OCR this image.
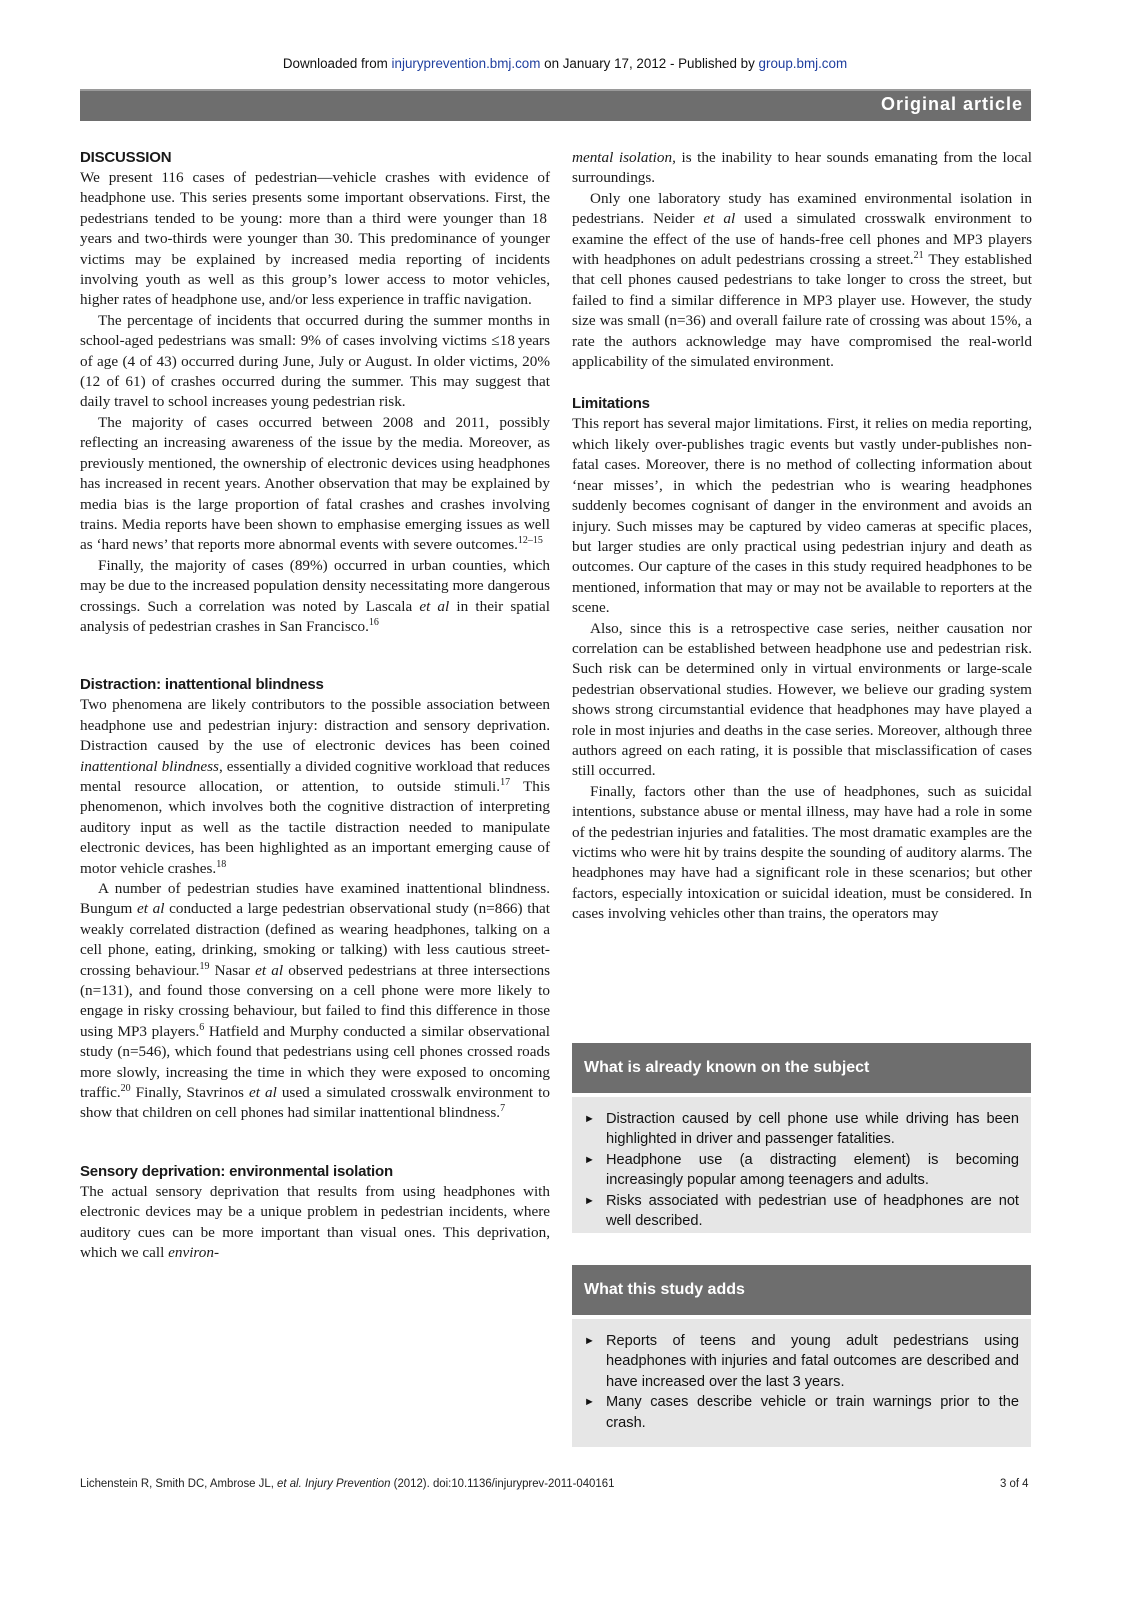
Downloaded from injuryprevention.bmj.com on January 17, 2012 - Published by group.bmj.com
Original article
DISCUSSION

We present 116 cases of pedestrian—vehicle crashes with evidence of headphone use. This series presents some important observations. First, the pedestrians tended to be young: more than a third were younger than 18 years and two-thirds were younger than 30. This predominance of younger victims may be explained by increased media reporting of incidents involving youth as well as this group’s lower access to motor vehicles, higher rates of headphone use, and/or less experience in traffic navigation.

The percentage of incidents that occurred during the summer months in school-aged pedestrians was small: 9% of cases involving victims ≤18 years of age (4 of 43) occurred during June, July or August. In older victims, 20% (12 of 61) of crashes occurred during the summer. This may suggest that daily travel to school increases young pedestrian risk.

The majority of cases occurred between 2008 and 2011, possibly reflecting an increasing awareness of the issue by the media. Moreover, as previously mentioned, the ownership of electronic devices using headphones has increased in recent years. Another observation that may be explained by media bias is the large proportion of fatal crashes and crashes involving trains. Media reports have been shown to emphasise emerging issues as well as ‘hard news’ that reports more abnormal events with severe outcomes.$^{12-15}$

Finally, the majority of cases (89%) occurred in urban counties, which may be due to the increased population density necessitating more dangerous crossings. Such a correlation was noted by Lascala et al in their spatial analysis of pedestrian crashes in San Francisco.$^{16}$

Distraction: inattentional blindness

Two phenomena are likely contributors to the possible association between headphone use and pedestrian injury: distraction and sensory deprivation. Distraction caused by the use of electronic devices has been coined inattentional blindness, essentially a divided cognitive workload that reduces mental resource allocation, or attention, to outside stimuli.$^{17}$ This phenomenon, which involves both the cognitive distraction of interpreting auditory input as well as the tactile distraction needed to manipulate electronic devices, has been highlighted as an important emerging cause of motor vehicle crashes.$^{18}$

A number of pedestrian studies have examined inattentional blindness. Bungum et al conducted a large pedestrian observational study (n=866) that weakly correlated distraction (defined as wearing headphones, talking on a cell phone, eating, drinking, smoking or talking) with less cautious street-crossing behaviour.$^{19}$ Nasar et al observed pedestrians at three intersections (n=131), and found those conversing on a cell phone were more likely to engage in risky crossing behaviour, but failed to find this difference in those using MP3 players.$^6$ Hatfield and Murphy conducted a similar observational study (n=546), which found that pedestrians using cell phones crossed roads more slowly, increasing the time in which they were exposed to oncoming traffic.$^{20}$ Finally, Stavrinos et al used a simulated crosswalk environment to show that children on cell phones had similar inattentional blindness.$^7$

Sensory deprivation: environmental isolation

The actual sensory deprivation that results from using headphones with electronic devices may be a unique problem in pedestrian incidents, where auditory cues can be more important than visual ones. This deprivation, which we call environ-

mental isolation, is the inability to hear sounds emanating from the local surroundings.

Only one laboratory study has examined environmental isolation in pedestrians. Neider et al used a simulated crosswalk environment to examine the effect of the use of hands-free cell phones and MP3 players with headphones on adult pedestrians crossing a street.$^{21}$ They established that cell phones caused pedestrians to take longer to cross the street, but failed to find a similar difference in MP3 player use. However, the study size was small (n=36) and overall failure rate of crossing was about 15%, a rate the authors acknowledge may have compromised the real-world applicability of the simulated environment.

Limitations

This report has several major limitations. First, it relies on media reporting, which likely over-publishes tragic events but vastly under-publishes non-fatal cases. Moreover, there is no method of collecting information about ‘near misses’, in which the pedestrian who is wearing headphones suddenly becomes cognisant of danger in the environment and avoids an injury. Such misses may be captured by video cameras at specific places, but larger studies are only practical using pedestrian injury and death as outcomes. Our capture of the cases in this study required headphones to be mentioned, information that may or may not be available to reporters at the scene.

Also, since this is a retrospective case series, neither causation nor correlation can be established between headphone use and pedestrian risk. Such risk can be determined only in virtual environments or large-scale pedestrian observational studies. However, we believe our grading system shows strong circumstantial evidence that headphones may have played a role in most injuries and deaths in the case series. Moreover, although three authors agreed on each rating, it is possible that misclassification of cases still occurred.

Finally, factors other than the use of headphones, such as suicidal intentions, substance abuse or mental illness, may have had a role in some of the pedestrian injuries and fatalities. The most dramatic examples are the victims who were hit by trains despite the sounding of auditory alarms. The headphones may have had a significant role in these scenarios; but other factors, especially intoxication or suicidal ideation, must be considered. In cases involving vehicles other than trains, the operators may

What is already known on the subject
► Distraction caused by cell phone use while driving has been highlighted in driver and passenger fatalities.
► Headphone use (a distracting element) is becoming increasingly popular among teenagers and adults.
► Risks associated with pedestrian use of headphones are not well described.
What this study adds
► Reports of teens and young adult pedestrians using headphones with injuries and fatal outcomes are described and have increased over the last 3 years.
► Many cases describe vehicle or train warnings prior to the crash.
Lichenstein R, Smith DC, Ambrose JL, et al. Injury Prevention (2012). doi:10.1136/injuryprev-2011-040161	3 of 4
